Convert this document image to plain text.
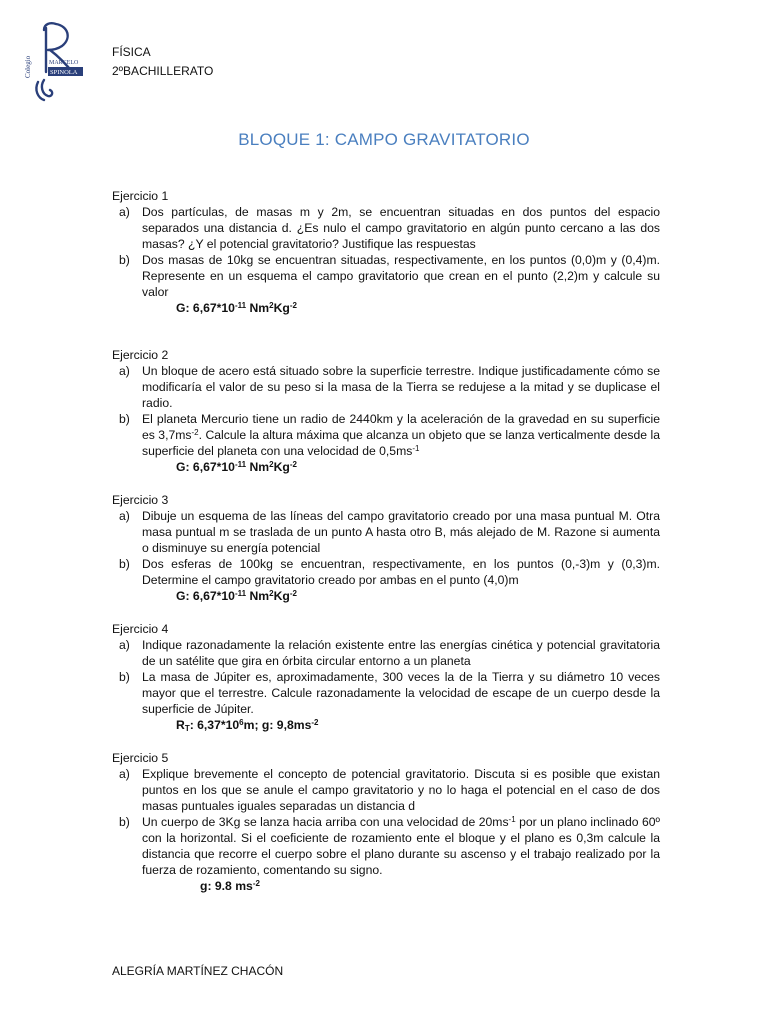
Colegio	MARCELO
SPINOLA
FÍSICA
2ºBACHILLERATO
BLOQUE 1: CAMPO GRAVITATORIO
Ejercicio 1
a) Dos partículas, de masas m y 2m, se encuentran situadas en dos puntos del espacio separados una distancia d. ¿Es nulo el campo gravitatorio en algún punto cercano a las dos masas? ¿Y el potencial gravitatorio? Justifique las respuestas
b) Dos masas de 10kg se encuentran situadas, respectivamente, en los puntos (0,0)m y (0,4)m. Represente en un esquema el campo gravitatorio que crean en el punto (2,2)m y calcule su valor
G: $6,67*10^{-11}$ $Nm^2Kg^{-2}$
Ejercicio 2
a) Un bloque de acero está situado sobre la superficie terrestre. Indique justificadamente cómo se modificaría el valor de su peso si la masa de la Tierra se redujese a la mitad y se duplicase el radio.
b) El planeta Mercurio tiene un radio de 2440km y la aceleración de la gravedad en su superficie es $3,7ms^{-2}$. Calcule la altura máxima que alcanza un objeto que se lanza verticalmente desde la superficie del planeta con una velocidad de $0,5ms^{-1}$
G: $6,67*10^{-11}$ $Nm^2Kg^{-2}$
Ejercicio 3
a) Dibuje un esquema de las líneas del campo gravitatorio creado por una masa puntual M. Otra masa puntual m se traslada de un punto A hasta otro B, más alejado de M. Razone si aumenta o disminuye su energía potencial
b) Dos esferas de 100kg se encuentran, respectivamente, en los puntos (0,-3)m y (0,3)m. Determine el campo gravitatorio creado por ambas en el punto (4,0)m
G: $6,67*10^{-11}$ $Nm^2Kg^{-2}$
Ejercicio 4
a) Indique razonadamente la relación existente entre las energías cinética y potencial gravitatoria de un satélite que gira en órbita circular entorno a un planeta
b) La masa de Júpiter es, aproximadamente, 300 veces la de la Tierra y su diámetro 10 veces mayor que el terrestre. Calcule razonadamente la velocidad de escape de un cuerpo desde la superficie de Júpiter.
$R_T$: $6,37*10^6m$; g: $9,8ms^{-2}$
Ejercicio 5
a) Explique brevemente el concepto de potencial gravitatorio. Discuta si es posible que existan puntos en los que se anule el campo gravitatorio y no lo haga el potencial en el caso de dos masas puntuales iguales separadas un distancia d
b) Un cuerpo de 3Kg se lanza hacia arriba con una velocidad de $20ms^{-1}$ por un plano inclinado 60º con la horizontal. Si el coeficiente de rozamiento ente el bloque y el plano es 0,3m calcule la distancia que recorre el cuerpo sobre el plano durante su ascenso y el trabajo realizado por la fuerza de rozamiento, comentando su signo.
g: 9.8 $ms^{-2}$
ALEGRÍA MARTÍNEZ CHACÓN
